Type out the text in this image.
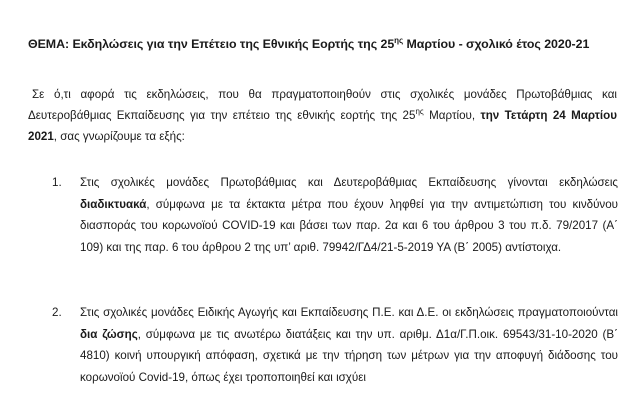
ΘΕΜΑ: Εκδηλώσεις για την Επέτειο της Εθνικής Εορτής της $25^{\eta\varsigma}$ Μαρτίου - σχολικό έτος 2020-21
Σε ό,τι αφορά τις εκδηλώσεις, που θα πραγματοποιηθούν στις σχολικές μονάδες Πρωτοβάθμιας και Δευτεροβάθμιας Εκπαίδευσης για την επέτειο της εθνικής εορτής της $25^{\eta\varsigma}$ Μαρτίου, την Τετάρτη 24 Μαρτίου 2021, σας γνωρίζουμε τα εξής:
1. Στις σχολικές μονάδες Πρωτοβάθμιας και Δευτεροβάθμιας Εκπαίδευσης γίνονται εκδηλώσεις διαδικτυακά, σύμφωνα με τα έκτακτα μέτρα που έχουν ληφθεί για την αντιμετώπιση του κινδύνου διασποράς του κορωνοϊού COVID-19 και βάσει των παρ. 2α και 6 του άρθρου 3 του π.δ. 79/2017 (Α΄ 109) και της παρ. 6 του άρθρου 2 της υπ’ αριθ. 79942/ΓΔ4/21-5-2019 ΥΑ (Β΄ 2005) αντίστοιχα.
2. Στις σχολικές μονάδες Ειδικής Αγωγής και Εκπαίδευσης Π.Ε. και Δ.Ε. οι εκδηλώσεις πραγματοποιούνται δια ζώσης, σύμφωνα με τις ανωτέρω διατάξεις και την υπ. αριθμ. Δ1α/Γ.Π.οικ. 69543/31-10-2020 (Β΄ 4810) κοινή υπουργική απόφαση, σχετικά με την τήρηση των μέτρων για την αποφυγή διάδοσης του κορωνοϊού Covid-19, όπως έχει τροποποιηθεί και ισχύει
